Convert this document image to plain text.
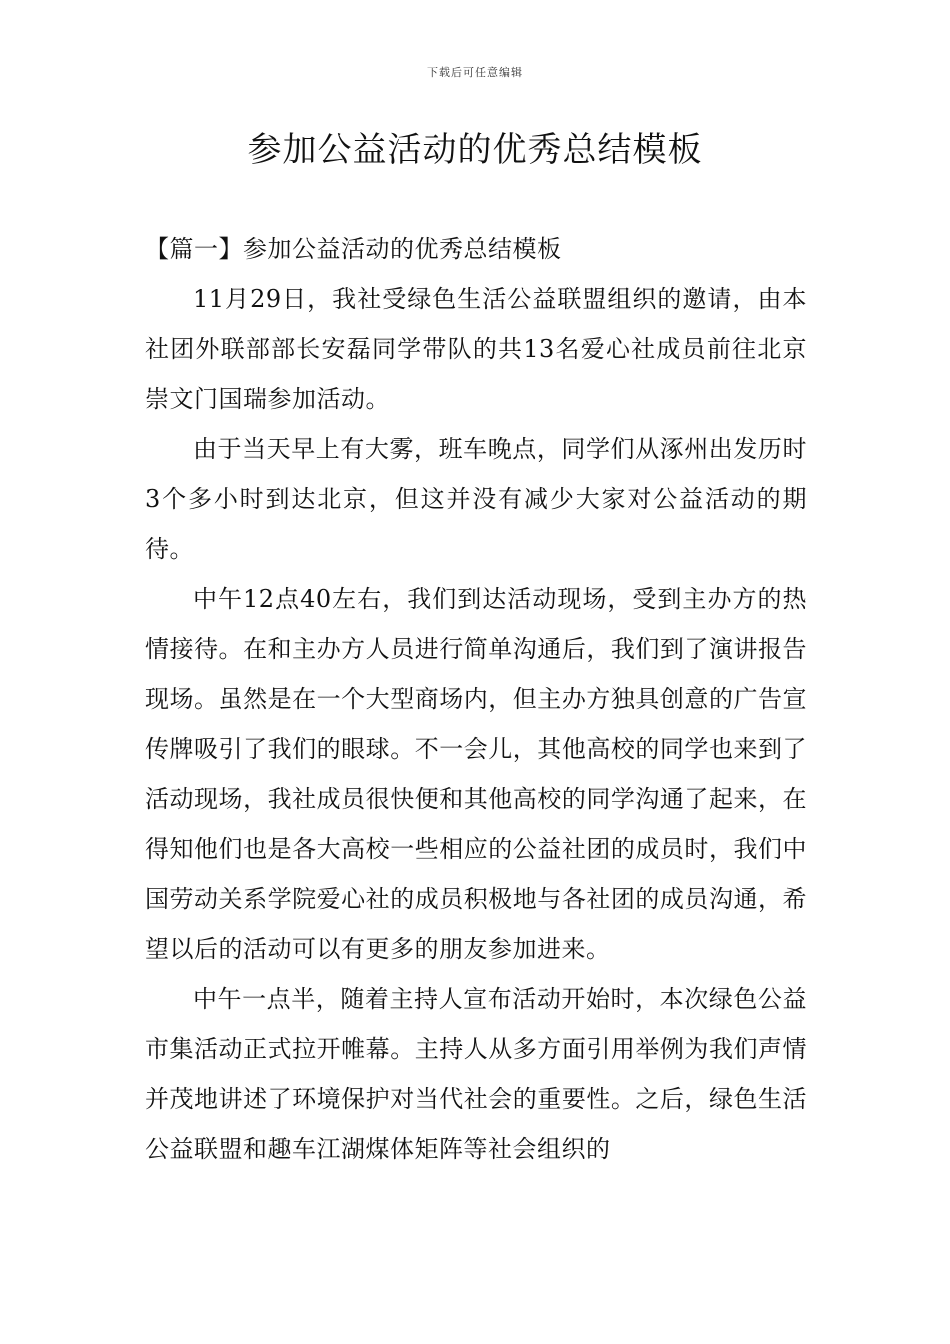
下载后可任意编辑
参加公益活动的优秀总结模板

【篇一】参加公益活动的优秀总结模板

11月29日，我社受绿色生活公益联盟组织的邀请，由本社团外联部部长安磊同学带队的共13名爱心社成员前往北京崇文门国瑞参加活动。

由于当天早上有大雾，班车晚点，同学们从涿州出发历时3个多小时到达北京，但这并没有减少大家对公益活动的期待。

中午12点40左右，我们到达活动现场，受到主办方的热情接待。在和主办方人员进行简单沟通后，我们到了演讲报告现场。虽然是在一个大型商场内，但主办方独具创意的广告宣传牌吸引了我们的眼球。不一会儿，其他高校的同学也来到了活动现场，我社成员很快便和其他高校的同学沟通了起来，在得知他们也是各大高校一些相应的公益社团的成员时，我们中国劳动关系学院爱心社的成员积极地与各社团的成员沟通，希望以后的活动可以有更多的朋友参加进来。

中午一点半，随着主持人宣布活动开始时，本次绿色公益市集活动正式拉开帷幕。主持人从多方面引用举例为我们声情并茂地讲述了环境保护对当代社会的重要性。之后，绿色生活公益联盟和趣车江湖煤体矩阵等社会组织的
